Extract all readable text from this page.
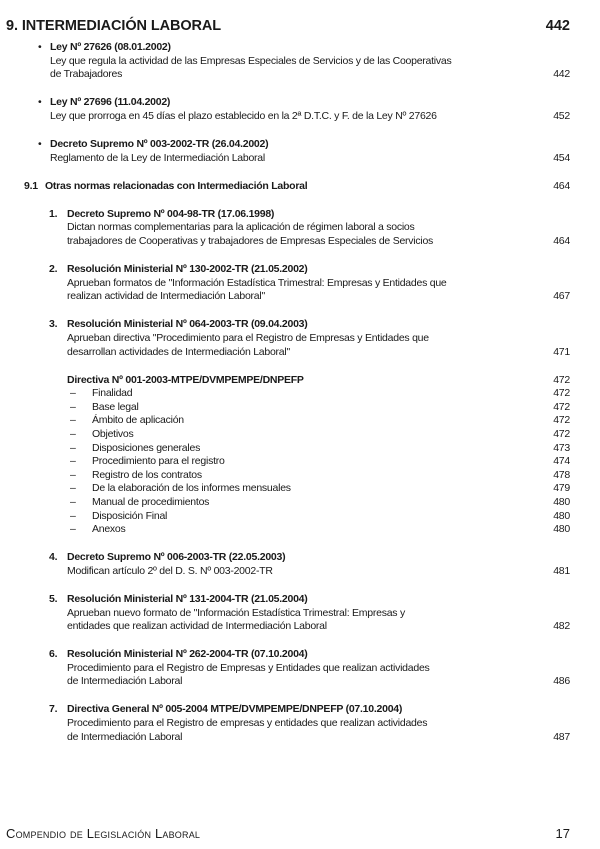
9. INTERMEDIACIÓN LABORAL	442
• Ley Nº 27626 (08.01.2002)
Ley que regula la actividad de las Empresas Especiales de Servicios y de las Cooperativas
de Trabajadores	442
• Ley Nº 27696 (11.04.2002)
Ley que prorroga en 45 días el plazo establecido en la 2ª D.T.C. y F. de la Ley Nº 27626	452
• Decreto Supremo Nº 003-2002-TR (26.04.2002)
Reglamento de la Ley de Intermediación Laboral	454
9.1 Otras normas relacionadas con Intermediación Laboral	464
1. Decreto Supremo Nº 004-98-TR (17.06.1998)
Dictan normas complementarias para la aplicación de régimen laboral a socios
trabajadores de Cooperativas y trabajadores de Empresas Especiales de Servicios	464
2. Resolución Ministerial Nº 130-2002-TR (21.05.2002)
Aprueban formatos de "Información Estadística Trimestral: Empresas y Entidades que
realizan actividad de Intermediación Laboral"	467
3. Resolución Ministerial Nº 064-2003-TR (09.04.2003)
Aprueban directiva "Procedimiento para el Registro de Empresas y Entidades que
desarrollan actividades de Intermediación Laboral"	471
Directiva Nº 001-2003-MTPE/DVMPEMPE/DNPEFP	472
– Finalidad	472
– Base legal	472
– Ámbito de aplicación	472
– Objetivos	472
– Disposiciones generales	473
– Procedimiento para el registro	474
– Registro de los contratos	478
– De la elaboración de los informes mensuales	479
– Manual de procedimientos	480
– Disposición Final	480
– Anexos	480
4. Decreto Supremo Nº 006-2003-TR (22.05.2003)
Modifican artículo 2º del D. S. Nº 003-2002-TR	481
5. Resolución Ministerial Nº 131-2004-TR (21.05.2004)
Aprueban nuevo formato de "Información Estadística Trimestral: Empresas y
entidades que realizan actividad de Intermediación Laboral	482
6. Resolución Ministerial Nº 262-2004-TR (07.10.2004)
Procedimiento para el Registro de Empresas y Entidades que realizan actividades
de Intermediación Laboral	486
7. Directiva General Nº 005-2004 MTPE/DVMPEMPE/DNPEFP (07.10.2004)
Procedimiento para el Registro de empresas y entidades que realizan actividades
de Intermediación Laboral	487
Compendio de Legislación Laboral	17
